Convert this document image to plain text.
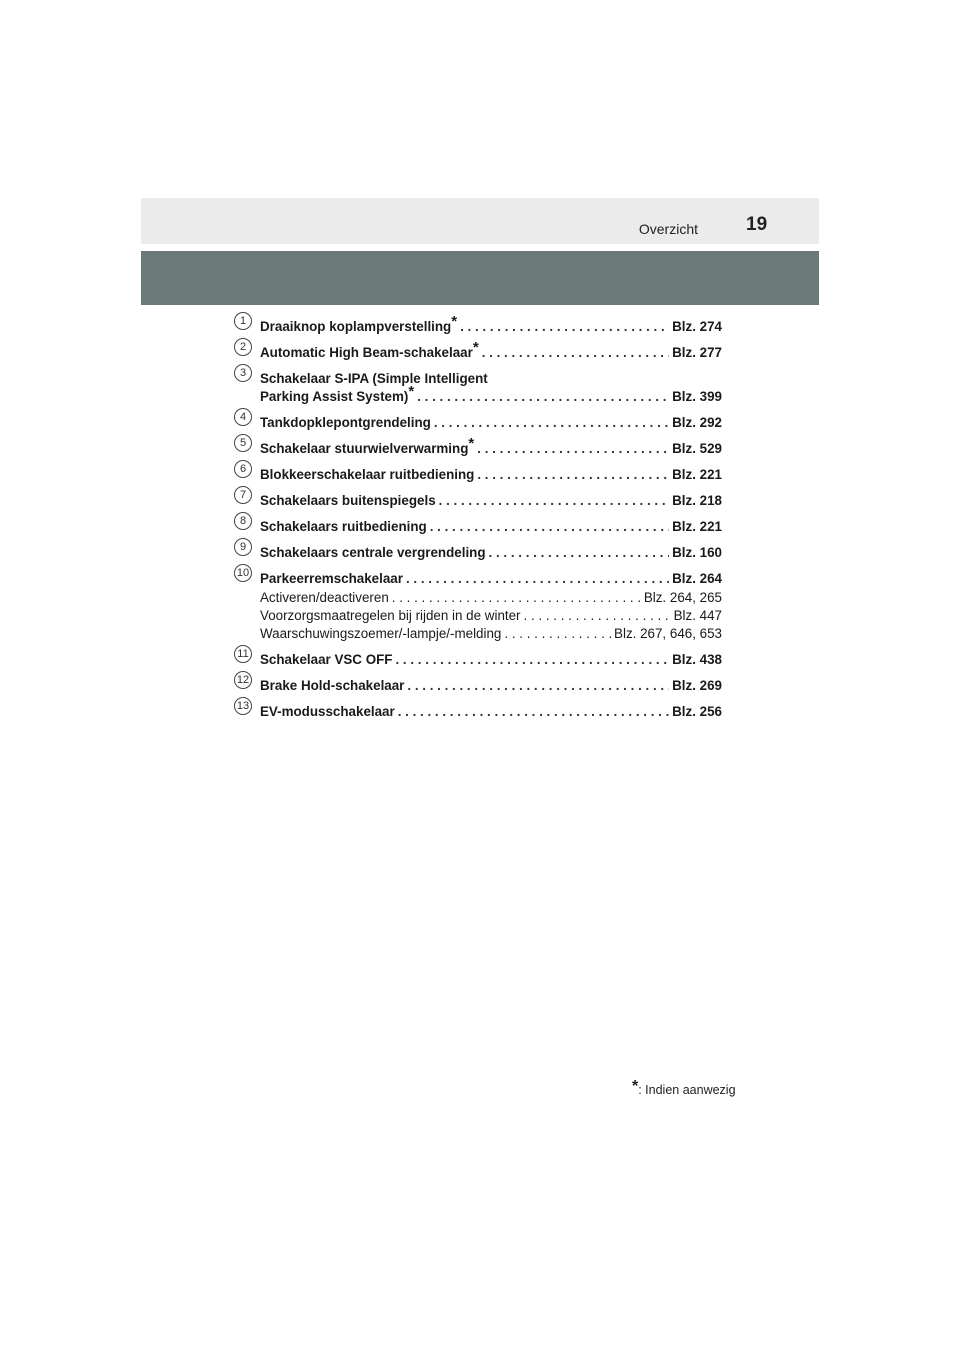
Overzicht	19
1	Draaiknop koplampverstelling* . . .	Blz. 274
2	Automatic High Beam-schakelaar* . . .	Blz. 277
3	Schakelaar S-IPA (Simple Intelligent
Parking Assist System)* . . .	Blz. 399
4	Tankdopklepontgrendeling . . .	Blz. 292
5	Schakelaar stuurwielverwarming* . . .	Blz. 529
6	Blokkeerschakelaar ruitbediening . . .	Blz. 221
7	Schakelaars buitenspiegels . . .	Blz. 218
8	Schakelaars ruitbediening . . .	Blz. 221
9	Schakelaars centrale vergrendeling . . .	Blz. 160
10 Parkeerremschakelaar . . .	Blz. 264
Activeren/deactiveren . . .	Blz. 264, 265
Voorzorgsmaatregelen bij rijden in de winter . . .	Blz. 447
Waarschuwingszoemer/-lampje/-melding . . .	Blz. 267, 646, 653
11 Schakelaar VSC OFF . . .	Blz. 438
12 Brake Hold-schakelaar . . .	Blz. 269
13 EV-modusschakelaar . . .	Blz. 256
*: Indien aanwezig
